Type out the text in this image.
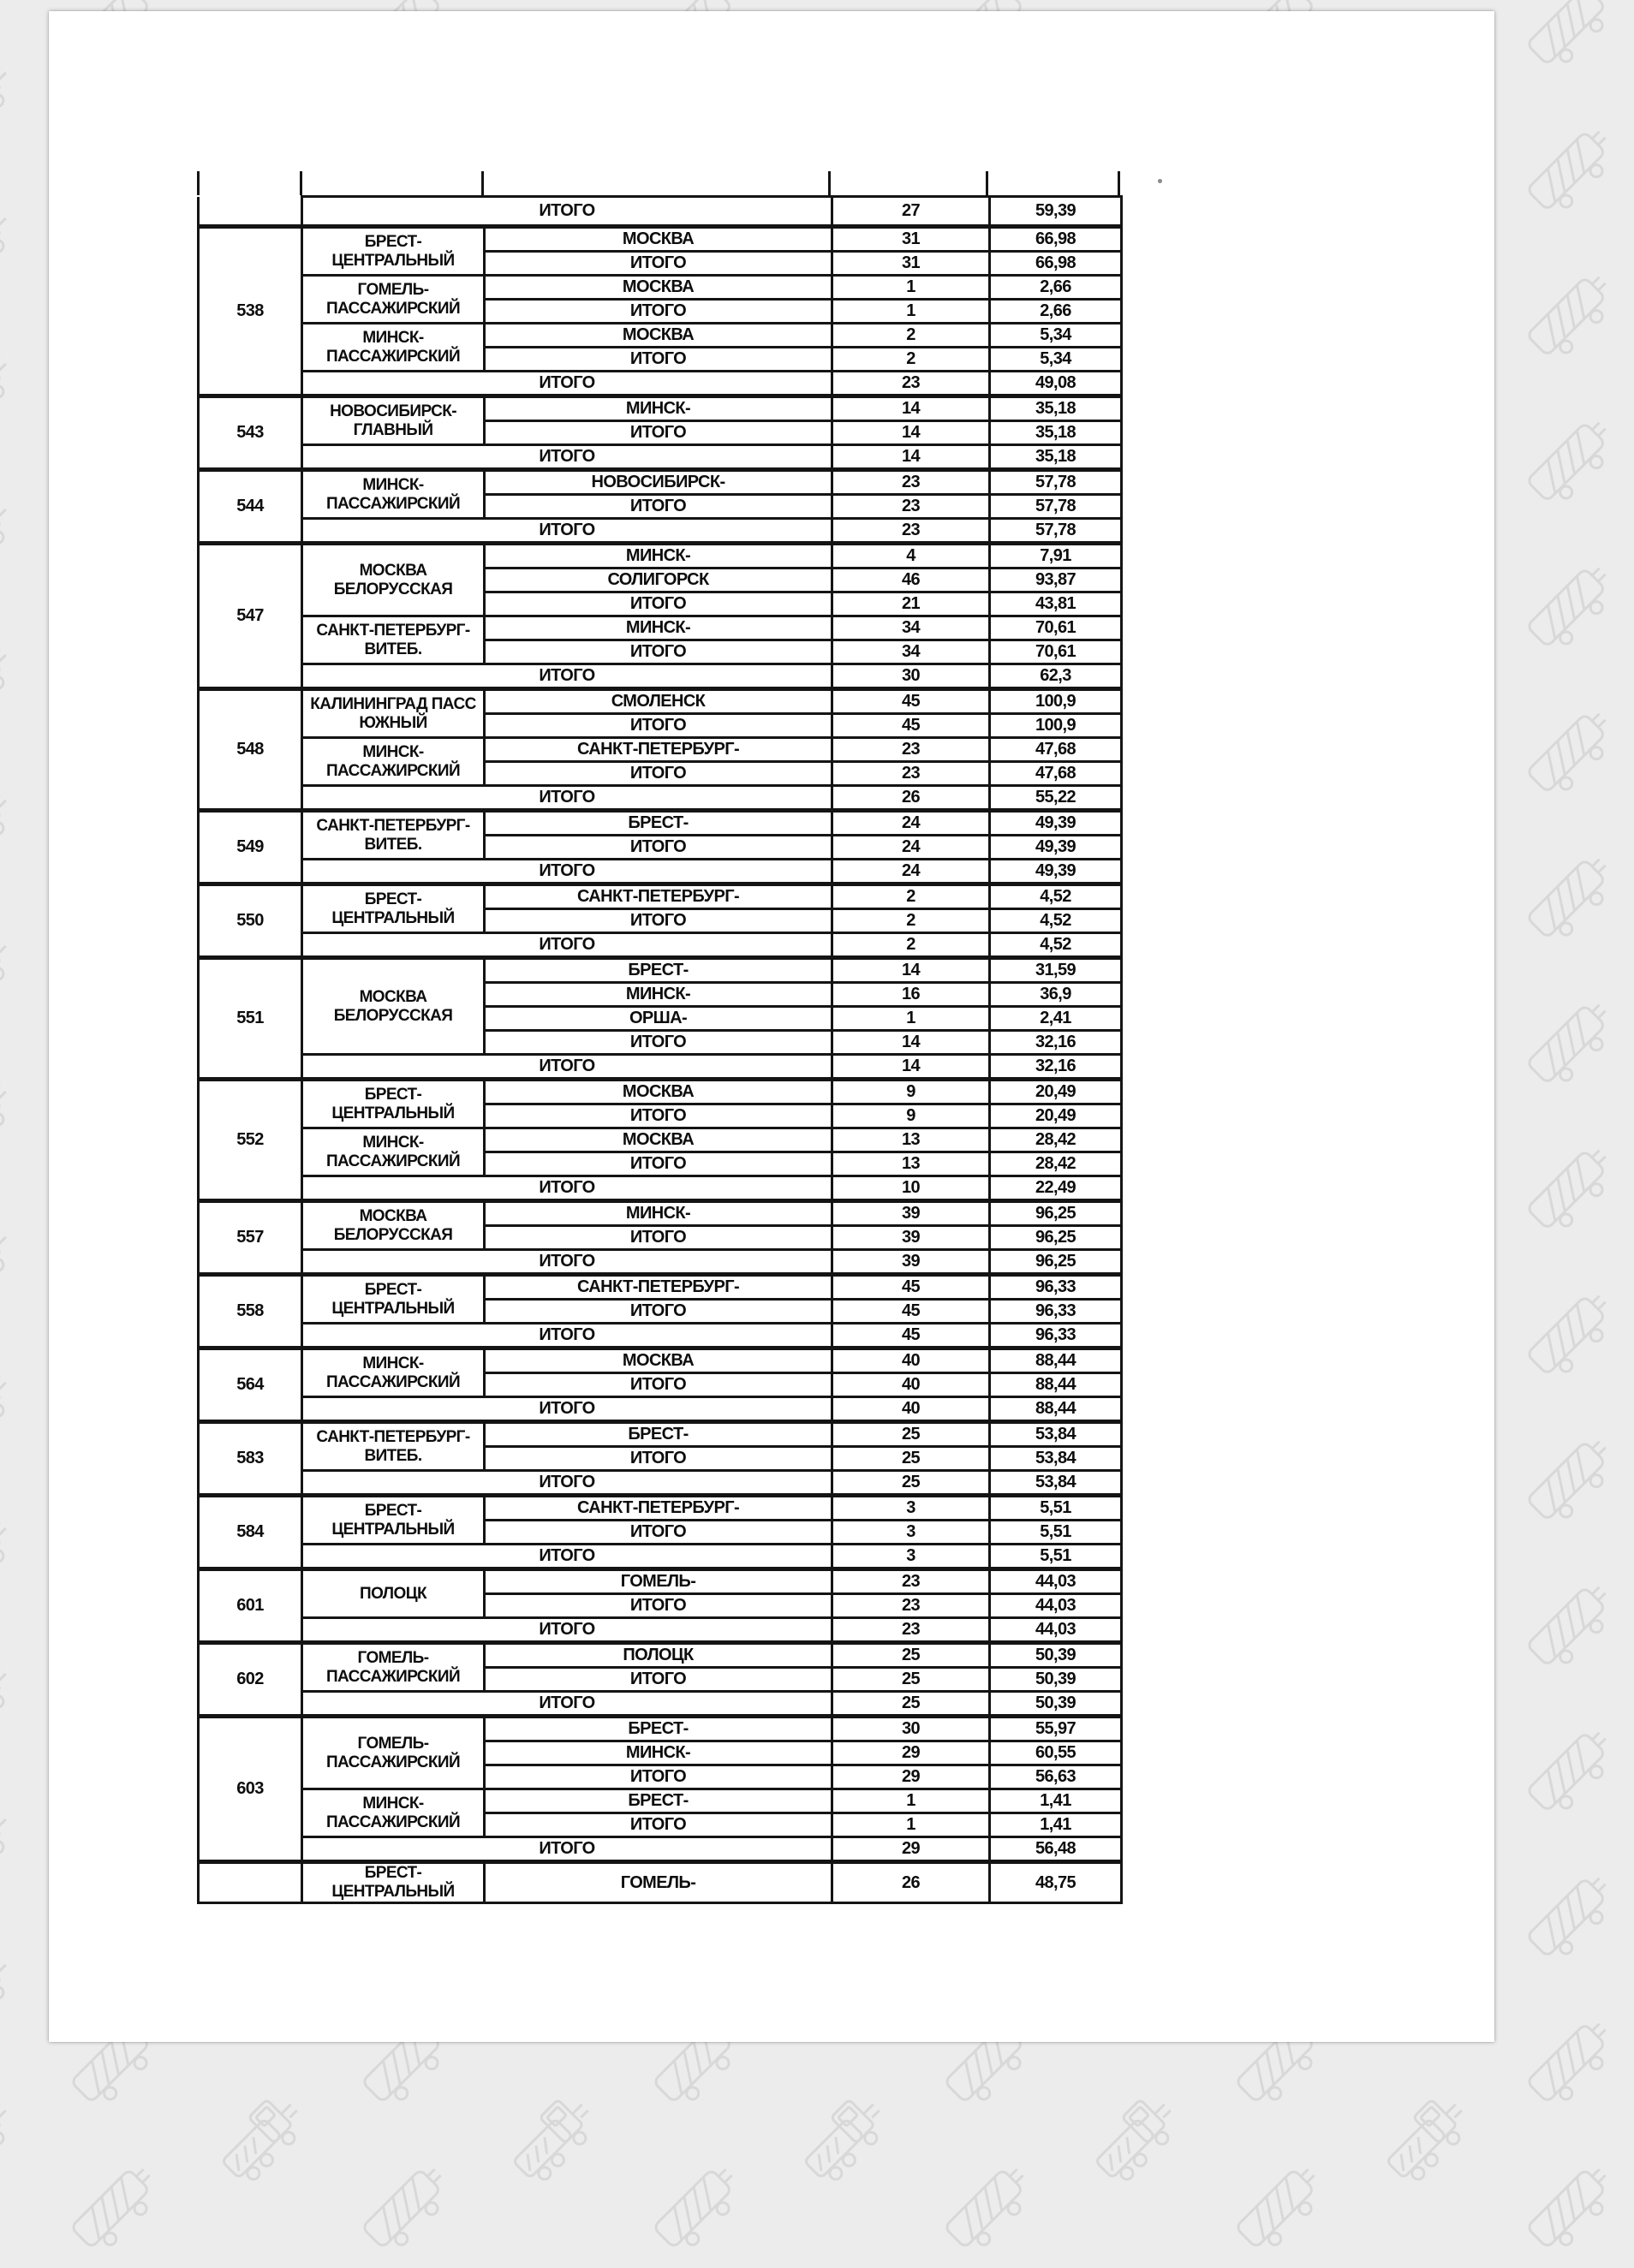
	ИТОГО		27	59,39
538	БРЕСТ-ЦЕНТРАЛЬНЫЙ	МОСКВА	31	66,98
		ИТОГО	31	66,98
	ГОМЕЛЬ-ПАССАЖИРСКИЙ	МОСКВА	1	2,66
		ИТОГО	1	2,66
	МИНСК-ПАССАЖИРСКИЙ	МОСКВА	2	5,34
		ИТОГО	2	5,34
	ИТОГО		23	49,08
543	НОВОСИБИРСК-ГЛАВНЫЙ	МИНСК-	14	35,18
		ИТОГО	14	35,18
	ИТОГО		14	35,18
544	МИНСК-ПАССАЖИРСКИЙ	НОВОСИБИРСК-	23	57,78
		ИТОГО	23	57,78
	ИТОГО		23	57,78
547	МОСКВА БЕЛОРУССКАЯ	МИНСК-	4	7,91
		СОЛИГОРСК	46	93,87
		ИТОГО	21	43,81
	САНКТ-ПЕТЕРБУРГ-ВИТЕБ.	МИНСК-	34	70,61
		ИТОГО	34	70,61
	ИТОГО		30	62,3
548	КАЛИНИНГРАД ПАСС ЮЖНЫЙ	СМОЛЕНСК	45	100,9
		ИТОГО	45	100,9
	МИНСК-ПАССАЖИРСКИЙ	САНКТ-ПЕТЕРБУРГ-	23	47,68
		ИТОГО	23	47,68
	ИТОГО		26	55,22
549	САНКТ-ПЕТЕРБУРГ-ВИТЕБ.	БРЕСТ-	24	49,39
		ИТОГО	24	49,39
	ИТОГО		24	49,39
550	БРЕСТ-ЦЕНТРАЛЬНЫЙ	САНКТ-ПЕТЕРБУРГ-	2	4,52
		ИТОГО	2	4,52
	ИТОГО		2	4,52
551	МОСКВА БЕЛОРУССКАЯ	БРЕСТ-	14	31,59
		МИНСК-	16	36,9
		ОРША-	1	2,41
		ИТОГО	14	32,16
	ИТОГО		14	32,16
552	БРЕСТ-ЦЕНТРАЛЬНЫЙ	МОСКВА	9	20,49
		ИТОГО	9	20,49
	МИНСК-ПАССАЖИРСКИЙ	МОСКВА	13	28,42
		ИТОГО	13	28,42
	ИТОГО		10	22,49
557	МОСКВА БЕЛОРУССКАЯ	МИНСК-	39	96,25
		ИТОГО	39	96,25
	ИТОГО		39	96,25
558	БРЕСТ-ЦЕНТРАЛЬНЫЙ	САНКТ-ПЕТЕРБУРГ-	45	96,33
		ИТОГО	45	96,33
	ИТОГО		45	96,33
564	МИНСК-ПАССАЖИРСКИЙ	МОСКВА	40	88,44
		ИТОГО	40	88,44
	ИТОГО		40	88,44
583	САНКТ-ПЕТЕРБУРГ-ВИТЕБ.	БРЕСТ-	25	53,84
		ИТОГО	25	53,84
	ИТОГО		25	53,84
584	БРЕСТ-ЦЕНТРАЛЬНЫЙ	САНКТ-ПЕТЕРБУРГ-	3	5,51
		ИТОГО	3	5,51
	ИТОГО		3	5,51
601	ПОЛОЦК	ГОМЕЛЬ-	23	44,03
		ИТОГО	23	44,03
	ИТОГО		23	44,03
602	ГОМЕЛЬ-ПАССАЖИРСКИЙ	ПОЛОЦК	25	50,39
		ИТОГО	25	50,39
	ИТОГО		25	50,39
603	ГОМЕЛЬ-ПАССАЖИРСКИЙ	БРЕСТ-	30	55,97
		МИНСК-	29	60,55
		ИТОГО	29	56,63
	МИНСК-ПАССАЖИРСКИЙ	БРЕСТ-	1	1,41
		ИТОГО	1	1,41
	ИТОГО		29	56,48
	БРЕСТ-ЦЕНТРАЛЬНЫЙ	ГОМЕЛЬ-	26	48,75
